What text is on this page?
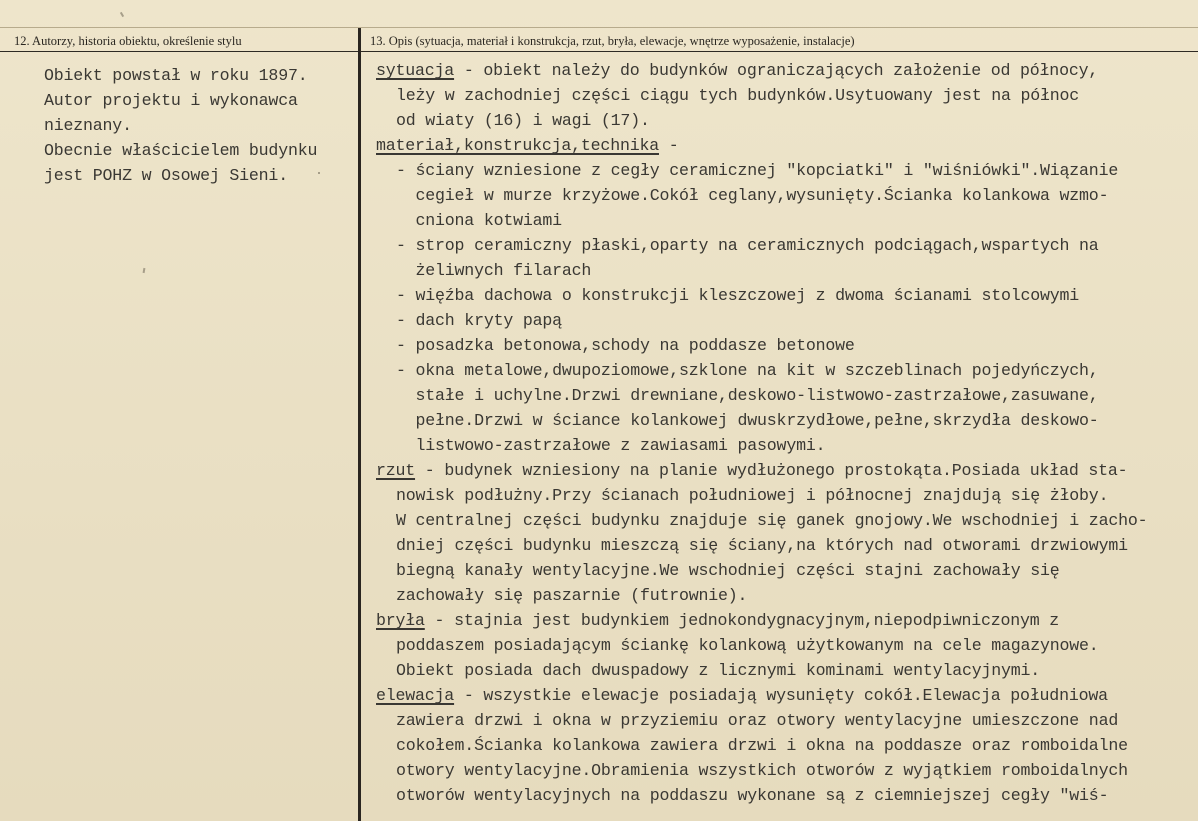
12. Autorzy, historia obiektu, określenie stylu	13. Opis (sytuacja, materiał i konstrukcja, rzut, bryła, elewacje, wnętrze wyposażenie, instalacje)
Obiekt powstał w roku 1897.
Autor projektu i wykonawca
nieznany.
Obecnie właścicielem budynku
jest POHZ w Osowej Sieni.
sytuacja - obiekt należy do budynków ograniczających założenie od północy,
leży w zachodniej części ciągu tych budynków.Usytuowany jest na północ
od wiaty (16) i wagi (17).
materiał,konstrukcja,technika -
- ściany wzniesione z cegły ceramicznej "kopciatki" i "wiśniówki".Wiązanie
cegieł w murze krzyżowe.Cokół ceglany,wysunięty.Ścianka kolankowa wzmo-
cniona kotwiami
- strop ceramiczny płaski,oparty na ceramicznych podciągach,wspartych na
żeliwnych filarach
- więźba dachowa o konstrukcji kleszczowej z dwoma ścianami stolcowymi
- dach kryty papą
- posadzka betonowa,schody na poddasze betonowe
- okna metalowe,dwupoziomowe,szklone na kit w szczeblinach pojedyńczych,
stałe i uchylne.Drzwi drewniane,deskowo-listwowo-zastrzałowe,zasuwane,
pełne.Drzwi w ściance kolankowej dwuskrzydłowe,pełne,skrzydła deskowo-
listwowo-zastrzałowe z zawiasami pasowymi.
rzut - budynek wzniesiony na planie wydłużonego prostokąta.Posiada układ sta-
nowisk podłużny.Przy ścianach południowej i północnej znajdują się żłoby.
W centralnej części budynku znajduje się ganek gnojowy.We wschodniej i zacho-
dniej części budynku mieszczą się ściany,na których nad otworami drzwiowymi
biegną kanały wentylacyjne.We wschodniej części stajni zachowały się
zachowały się paszarnie (futrownie).
bryła - stajnia jest budynkiem jednokondygnacyjnym,niepodpiwniczonym z
poddaszem posiadającym ściankę kolankową użytkowanym na cele magazynowe.
Obiekt posiada dach dwuspadowy z licznymi kominami wentylacyjnymi.
elewacja - wszystkie elewacje posiadają wysunięty cokół.Elewacja południowa
zawiera drzwi i okna w przyziemiu oraz otwory wentylacyjne umieszczone nad
cokołem.Ścianka kolankowa zawiera drzwi i okna na poddasze oraz romboidalne
otwory wentylacyjne.Obramienia wszystkich otworów z wyjątkiem romboidalnych
otworów wentylacyjnych na poddaszu wykonane są z ciemniejszej cegły "wiś-
